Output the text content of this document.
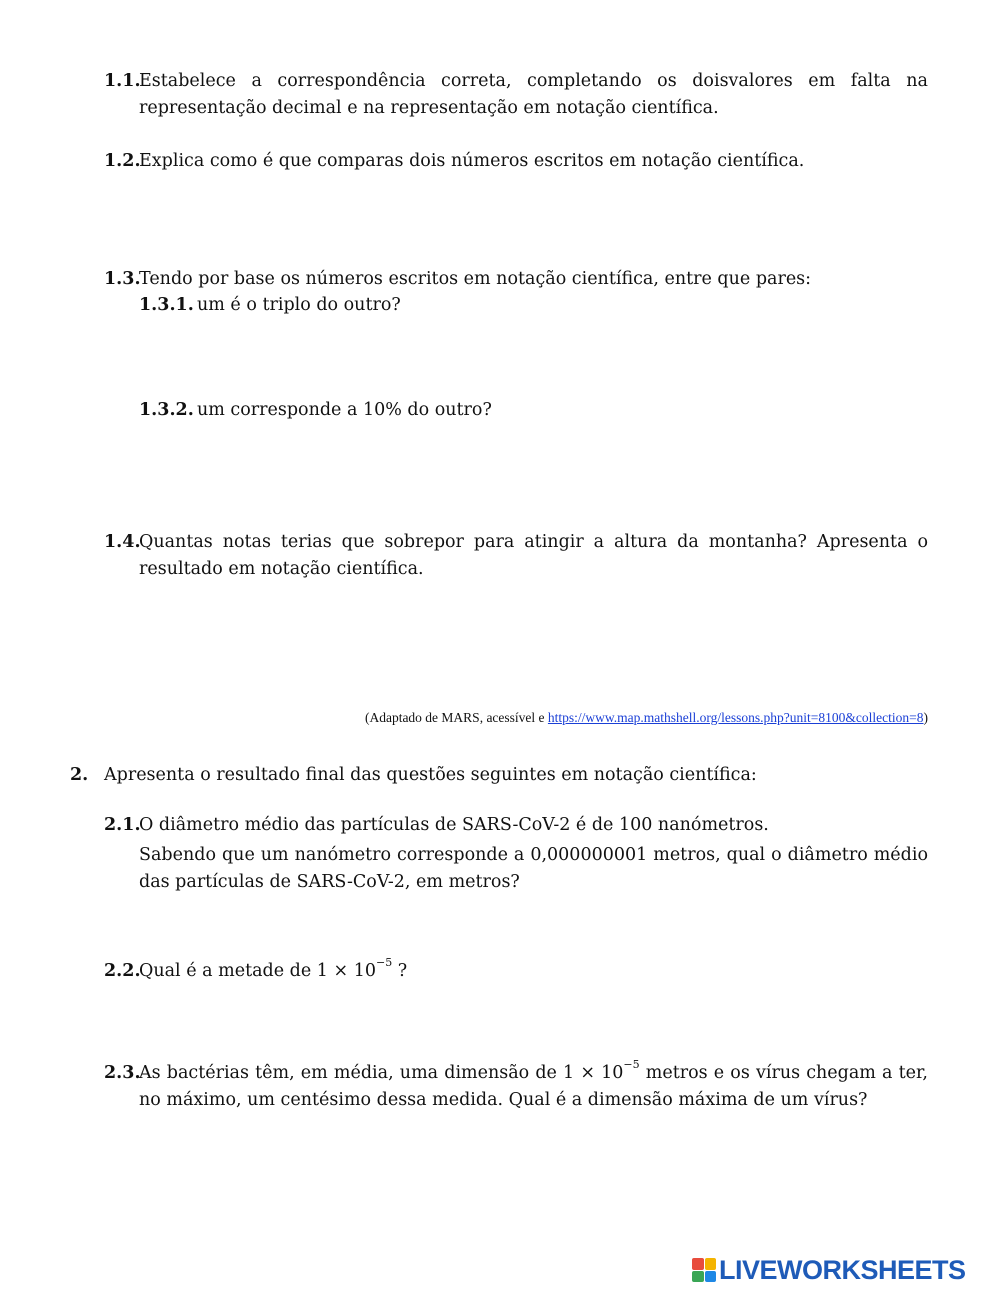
1.1.
Estabelece a correspondência correta, completando os doisvalores em falta na representação decimal e na representação em notação científica.
1.2.
Explica como é que comparas dois números escritos em notação científica.
1.3.
Tendo por base os números escritos em notação científica, entre que pares:
1.3.1. um é o triplo do outro?
1.3.2. um corresponde a 10% do outro?
1.4.
Quantas notas terias que sobrepor para atingir a altura da montanha? Apresenta o resultado em notação científica.
(Adaptado de MARS, acessível e https://www.map.mathshell.org/lessons.php?unit=8100&collection=8)
2. Apresenta o resultado final das questões seguintes em notação científica:
2.1.
O diâmetro médio das partículas de SARS-CoV-2 é de 100 nanómetros.
Sabendo que um nanómetro corresponde a 0,000000001 metros, qual o diâmetro médio das partículas de SARS-CoV-2, em metros?
2.2.
Qual é a metade de $1 \times 10^{-5}$ ?
2.3.
As bactérias têm, em média, uma dimensão de $1 \times 10^{-5}$ metros e os vírus chegam a ter, no máximo, um centésimo dessa medida. Qual é a dimensão máxima de um vírus?
LIVEWORKSHEETS
